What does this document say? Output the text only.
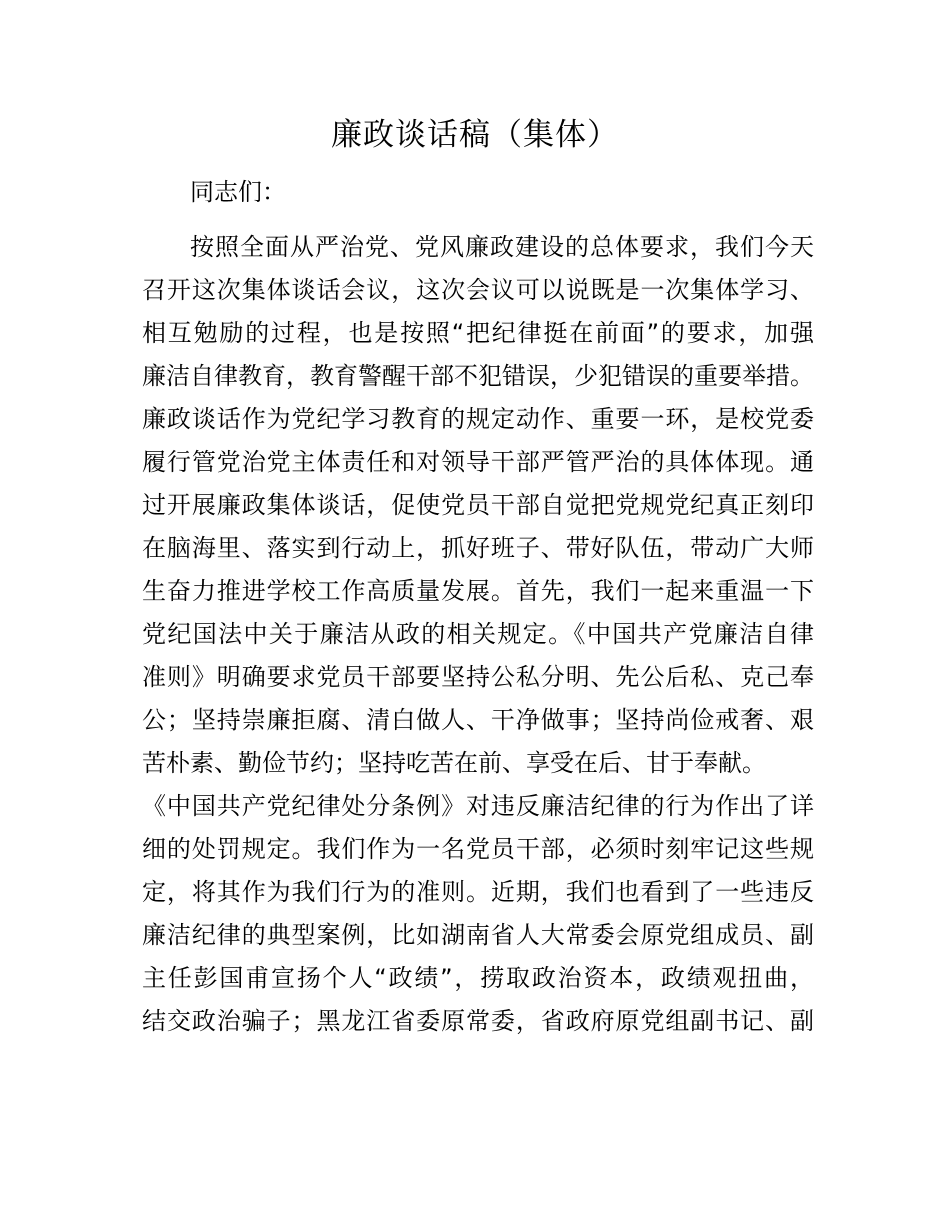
廉政谈话稿（集体）
同志们：
按照全面从严治党、党风廉政建设的总体要求，我们今天
召开这次集体谈话会议，这次会议可以说既是一次集体学习、
相互勉励的过程，也是按照“把纪律挺在前面”的要求，加强
廉洁自律教育，教育警醒干部不犯错误，少犯错误的重要举措。
廉政谈话作为党纪学习教育的规定动作、重要一环，是校党委
履行管党治党主体责任和对领导干部严管严治的具体体现。通
过开展廉政集体谈话，促使党员干部自觉把党规党纪真正刻印
在脑海里、落实到行动上，抓好班子、带好队伍，带动广大师
生奋力推进学校工作高质量发展。首先，我们一起来重温一下
党纪国法中关于廉洁从政的相关规定。《中国共产党廉洁自律
准则》明确要求党员干部要坚持公私分明、先公后私、克己奉
公；坚持崇廉拒腐、清白做人、干净做事；坚持尚俭戒奢、艰
苦朴素、勤俭节约；坚持吃苦在前、享受在后、甘于奉献。
《中国共产党纪律处分条例》对违反廉洁纪律的行为作出了详
细的处罚规定。我们作为一名党员干部，必须时刻牢记这些规
定，将其作为我们行为的准则。近期，我们也看到了一些违反
廉洁纪律的典型案例，比如湖南省人大常委会原党组成员、副
主任彭国甫宣扬个人“政绩”，捞取政治资本，政绩观扭曲，
结交政治骗子；黑龙江省委原常委，省政府原党组副书记、副
